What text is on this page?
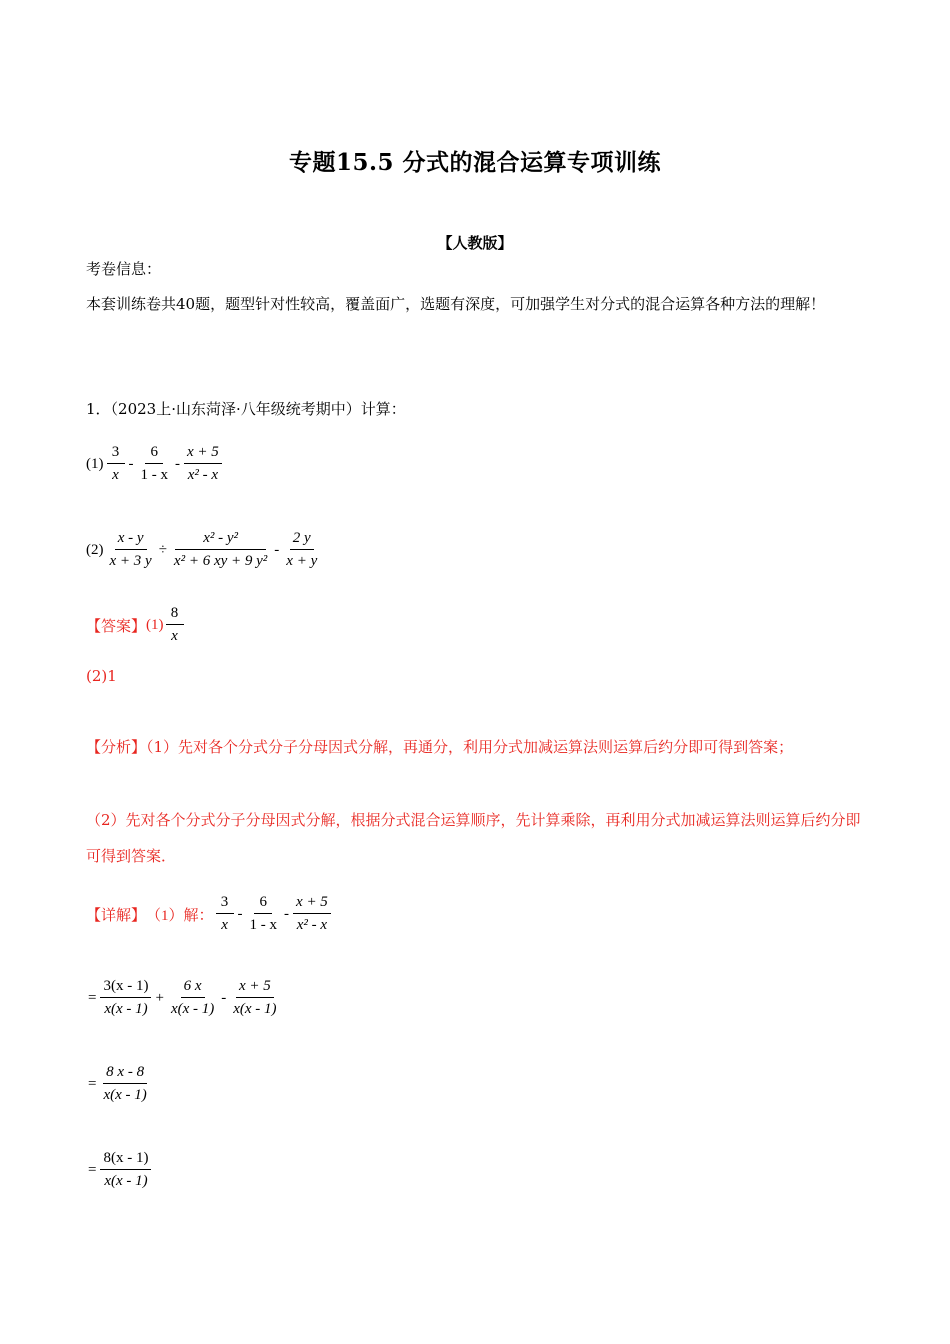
专题15.5 分式的混合运算专项训练
【人教版】
考卷信息：
本套训练卷共40题，题型针对性较高，覆盖面广，选题有深度，可加强学生对分式的混合运算各种方法的理解！
1．（2023上·山东菏泽·八年级统考期中）计算：
$(1) \frac{3}{x} - \frac{6}{1 - x} - \frac{x + 5}{\text{x² - x}}$
$(2) \frac{x - y}{x + 3 y} \div \frac{\text{x² - y²}}{\text{x² + 6 xy + 9 y²}} - \frac{2 y}{x + y}$
【答案】 $(1) \frac{8}{x}$
(2)1
【分析】（1）先对各个分式分子分母因式分解，再通分，利用分式加减运算法则运算后约分即可得到答案；
（2）先对各个分式分子分母因式分解，根据分式混合运算顺序，先计算乘除，再利用分式加减运算法则运算后约分即可得到答案．
【详解】 （1）解： $\frac{3}{x} - \frac{6}{1 - x} - \frac{x + 5}{\text{x² - x}}$
= $\frac{3(x - 1)}{x(x - 1)} + \frac{6 x}{x(x - 1)} - \frac{x + 5}{x(x - 1)}$
= $\frac{8 x - 8}{x(x - 1)}$
= $\frac{8(x - 1)}{x(x - 1)}$
